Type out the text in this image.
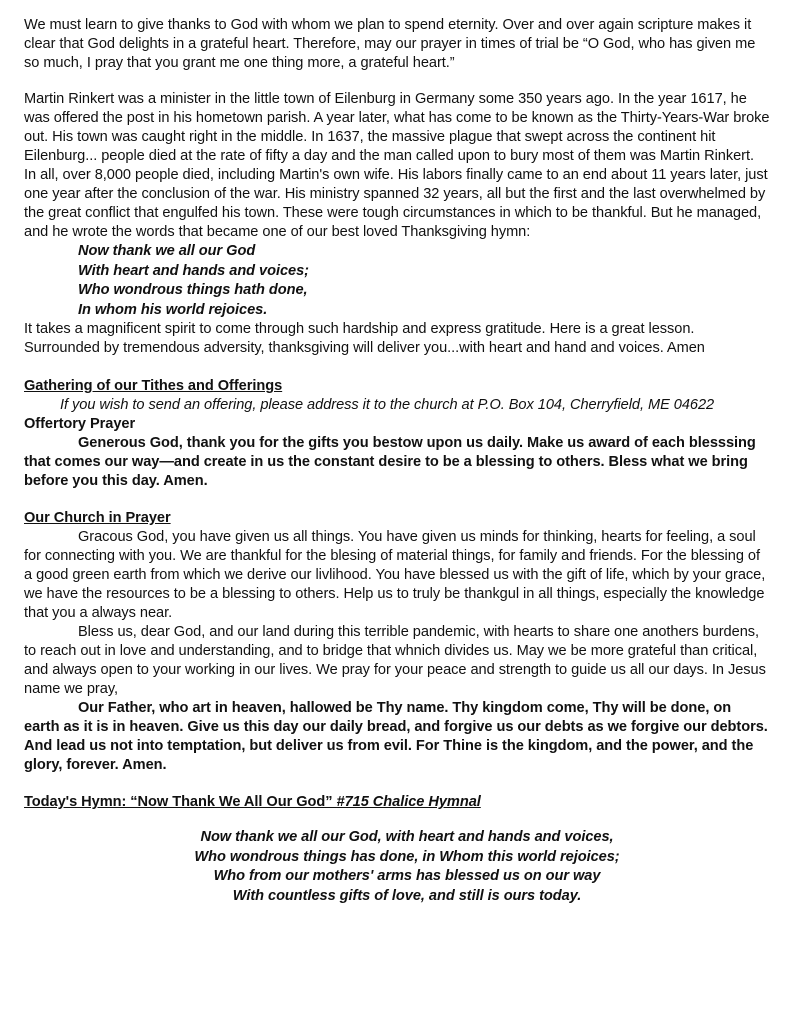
We must learn to give thanks to God with whom we plan to spend eternity. Over and over again scripture makes it clear that God delights in a grateful heart. Therefore, may our prayer in times of trial be “O God, who has given me so much, I pray that you grant me one thing more, a grateful heart.”

Martin Rinkert was a minister in the little town of Eilenburg in Germany some 350 years ago. In the year 1617, he was offered the post in his hometown parish. A year later, what has come to be known as the Thirty-Years-War broke out. His town was caught right in the middle. In 1637, the massive plague that swept across the continent hit Eilenburg... people died at the rate of fifty a day and the man called upon to bury most of them was Martin Rinkert. In all, over 8,000 people died, including Martin's own wife. His labors finally came to an end about 11 years later, just one year after the conclusion of the war. His ministry spanned 32 years, all but the first and the last overwhelmed by the great conflict that engulfed his town. These were tough circumstances in which to be thankful. But he managed, and he wrote the words that became one of our best loved Thanksgiving hymn:

Now thank we all our God
With heart and hands and voices;
Who wondrous things hath done,
In whom his world rejoices.

It takes a magnificent spirit to come through such hardship and express gratitude. Here is a great lesson. Surrounded by tremendous adversity, thanksgiving will deliver you...with heart and hand and voices. Amen

Gathering of our Tithes and Offerings
If you wish to send an offering, please address it to the church at P.O. Box 104, Cherryfield, ME 04622
Offertory Prayer

Generous God, thank you for the gifts you bestow upon us daily. Make us award of each blesssing that comes our way—and create in us the constant desire to be a blessing to others. Bless what we bring before you this day. Amen.

Our Church in Prayer

Gracous God, you have given us all things. You have given us minds for thinking, hearts for feeling, a soul for connecting with you. We are thankful for the blesing of material things, for family and friends. For the blessing of a good green earth from which we derive our livlihood. You have blessed us with the gift of life, which by your grace, we have the resources to be a blessing to others. Help us to truly be thankgul in all things, especially the knowledge that you a always near.

Bless us, dear God, and our land during this terrible pandemic, with hearts to share one anothers burdens, to reach out in love and understanding, and to bridge that whnich divides us. May we be more grateful than critical, and always open to your working in our lives. We pray for your peace and strength to guide us all our days. In Jesus name we pray,

Our Father, who art in heaven, hallowed be Thy name. Thy kingdom come, Thy will be done, on earth as it is in heaven. Give us this day our daily bread, and forgive us our debts as we forgive our debtors. And lead us not into temptation, but deliver us from evil. For Thine is the kingdom, and the power, and the glory, forever. Amen.

Today's Hymn: “Now Thank We All Our God” #715 Chalice Hymnal
Now thank we all our God, with heart and hands and voices,
Who wondrous things has done, in Whom this world rejoices;
Who from our mothers' arms has blessed us on our way
With countless gifts of love, and still is ours today.
